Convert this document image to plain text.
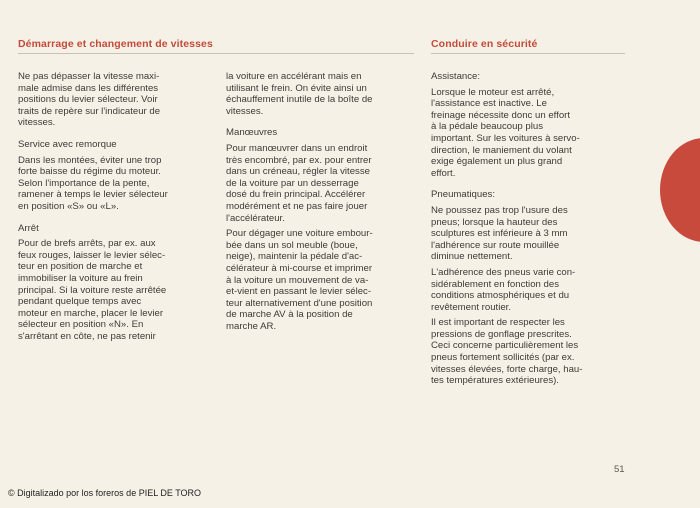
Démarrage et changement de vitesses	Conduire en sécurité

Ne pas dépasser la vitesse maxi-
male admise dans les différentes
positions du levier sélecteur. Voir
traits de repère sur l'indicateur de
vitesses.

Service avec remorque

Dans les montées, éviter une trop
forte baisse du régime du moteur.
Selon l'importance de la pente,
ramener à temps le levier sélecteur
en position «S» ou «L».

Arrêt

Pour de brefs arrêts, par ex. aux
feux rouges, laisser le levier sélec-
teur en position de marche et
immobiliser la voiture au frein
principal. Si la voiture reste arrêtée
pendant quelque temps avec
moteur en marche, placer le levier
sélecteur en position «N». En
s'arrêtant en côte, ne pas retenir

la voiture en accélérant mais en
utilisant le frein. On évite ainsi un
échauffement inutile de la boîte de
vitesses.

Manœuvres

Pour manœuvrer dans un endroit
très encombré, par ex. pour entrer
dans un créneau, régler la vitesse
de la voiture par un desserrage
dosé du frein principal. Accélérer
modérément et ne pas faire jouer
l'accélérateur.

Pour dégager une voiture embour-
bée dans un sol meuble (boue,
neige), maintenir la pédale d'ac-
célérateur à mi-course et imprimer
à la voiture un mouvement de va-
et-vient en passant le levier sélec-
teur alternativement d'une position
de marche AV à la position de
marche AR.

Assistance:

Lorsque le moteur est arrêté,
l'assistance est inactive. Le
freinage nécessite donc un effort
à la pédale beaucoup plus
important. Sur les voitures à servo-
direction, le maniement du volant
exige également un plus grand
effort.

Pneumatiques:

Ne poussez pas trop l'usure des
pneus; lorsque la hauteur des
sculptures est inférieure à 3 mm
l'adhérence sur route mouillée
diminue nettement.

L'adhérence des pneus varie con-
sidérablement en fonction des
conditions atmosphériques et du
revêtement routier.

Il est important de respecter les
pressions de gonflage prescrites.
Ceci concerne particulièrement les
pneus fortement sollicités (par ex.
vitesses élevées, forte charge, hau-
tes températures extérieures).

51
© Digitalizado por los foreros de PIEL DE TORO
